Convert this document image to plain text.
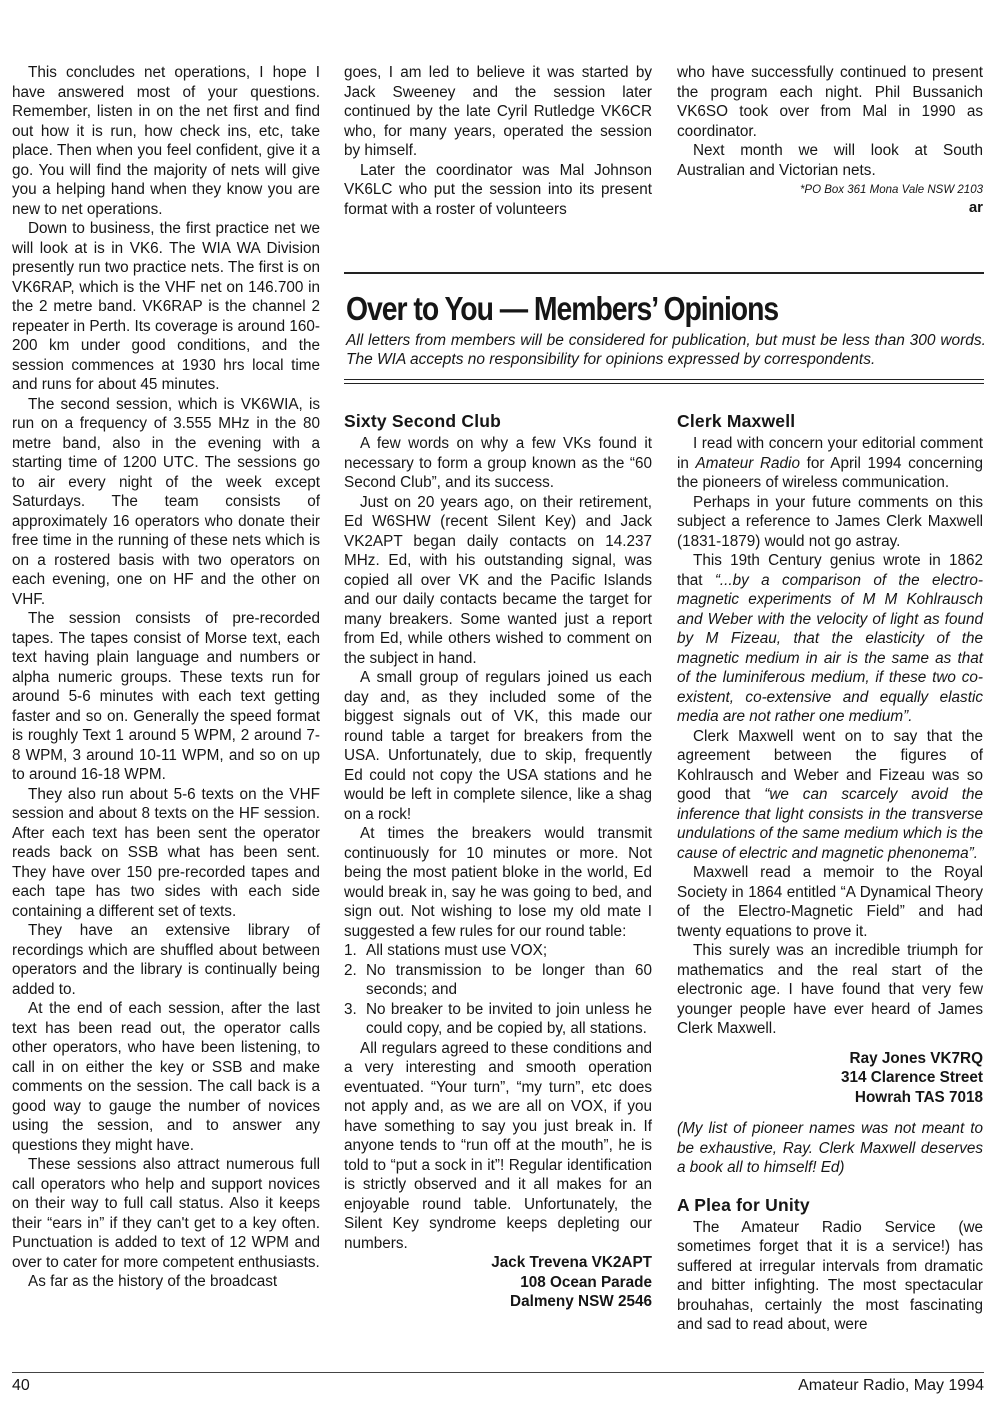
This concludes net operations, I hope I have answered most of your questions. Remember, listen in on the net first and find out how it is run, how check ins, etc, take place. Then when you feel confident, give it a go. You will find the majority of nets will give you a helping hand when they know you are new to net operations.

Down to business, the first practice net we will look at is in VK6. The WIA WA Division presently run two practice nets. The first is on VK6RAP, which is the VHF net on 146.700 in the 2 metre band. VK6RAP is the channel 2 repeater in Perth. Its coverage is around 160-200 km under good conditions, and the session commences at 1930 hrs local time and runs for about 45 minutes.

The second session, which is VK6WIA, is run on a frequency of 3.555 MHz in the 80 metre band, also in the evening with a starting time of 1200 UTC. The sessions go to air every night of the week except Saturdays. The team consists of approximately 16 operators who donate their free time in the running of these nets which is on a rostered basis with two operators on each evening, one on HF and the other on VHF.

The session consists of pre-recorded tapes. The tapes consist of Morse text, each text having plain language and numbers or alpha numeric groups. These texts run for around 5-6 minutes with each text getting faster and so on. Generally the speed format is roughly Text 1 around 5 WPM, 2 around 7-8 WPM, 3 around 10-11 WPM, and so on up to around 16-18 WPM.

They also run about 5-6 texts on the VHF session and about 8 texts on the HF session. After each text has been sent the operator reads back on SSB what has been sent. They have over 150 pre-recorded tapes and each tape has two sides with each side containing a different set of texts.

They have an extensive library of recordings which are shuffled about between operators and the library is continually being added to.

At the end of each session, after the last text has been read out, the operator calls other operators, who have been listening, to call in on either the key or SSB and make comments on the session. The call back is a good way to gauge the number of novices using the session, and to answer any questions they might have.

These sessions also attract numerous full call operators who help and support novices on their way to full call status. Also it keeps their “ears in” if they can't get to a key often. Punctuation is added to text of 12 WPM and over to cater for more competent enthusiasts.

As far as the history of the broadcast

goes, I am led to believe it was started by Jack Sweeney and the session later continued by the late Cyril Rutledge VK6CR who, for many years, operated the session by himself.

Later the coordinator was Mal Johnson VK6LC who put the session into its present format with a roster of volunteers

who have successfully continued to present the program each night. Phil Bussanich VK6SO took over from Mal in 1990 as coordinator.

Next month we will look at South Australian and Victorian nets.

*PO Box 361 Mona Vale NSW 2103
ar
Over to You — Members’ Opinions
All letters from members will be considered for publication, but must be less than 300 words. The WIA accepts no responsibility for opinions expressed by correspondents.
Sixty Second Club

A few words on why a few VKs found it necessary to form a group known as the “60 Second Club”, and its success.

Just on 20 years ago, on their retirement, Ed W6SHW (recent Silent Key) and Jack VK2APT began daily contacts on 14.237 MHz. Ed, with his outstanding signal, was copied all over VK and the Pacific Islands and our daily contacts became the target for many breakers. Some wanted just a report from Ed, while others wished to comment on the subject in hand.

A small group of regulars joined us each day and, as they included some of the biggest signals out of VK, this made our round table a target for breakers from the USA. Unfortunately, due to skip, frequently Ed could not copy the USA stations and he would be left in complete silence, like a shag on a rock!

At times the breakers would transmit continuously for 10 minutes or more. Not being the most patient bloke in the world, Ed would break in, say he was going to bed, and sign out. Not wishing to lose my old mate I suggested a few rules for our round table:

1. All stations must use VOX;
2. No transmission to be longer than 60 seconds; and
3. No breaker to be invited to join unless he could copy, and be copied by, all stations.

All regulars agreed to these conditions and a very interesting and smooth operation eventuated. “Your turn”, “my turn”, etc does not apply and, as we are all on VOX, if you have something to say you just break in. If anyone tends to “run off at the mouth”, he is told to “put a sock in it”! Regular identification is strictly observed and it all makes for an enjoyable round table. Unfortunately, the Silent Key syndrome keeps depleting our numbers.

Jack Trevena VK2APT
108 Ocean Parade
Dalmeny NSW 2546
Clerk Maxwell

I read with concern your editorial comment in Amateur Radio for April 1994 concerning the pioneers of wireless communication.

Perhaps in your future comments on this subject a reference to James Clerk Maxwell (1831-1879) would not go astray.

This 19th Century genius wrote in 1862 that “...by a comparison of the electro-magnetic experiments of M M Kohlrausch and Weber with the velocity of light as found by M Fizeau, that the elasticity of the magnetic medium in air is the same as that of the luminiferous medium, if these two co-existent, co-extensive and equally elastic media are not rather one medium”.

Clerk Maxwell went on to say that the agreement between the figures of Kohlrausch and Weber and Fizeau was so good that “we can scarcely avoid the inference that light consists in the transverse undulations of the same medium which is the cause of electric and magnetic phenonema”.

Maxwell read a memoir to the Royal Society in 1864 entitled “A Dynamical Theory of the Electro-Magnetic Field” and had twenty equations to prove it.

This surely was an incredible triumph for mathematics and the real start of the electronic age. I have found that very few younger people have ever heard of James Clerk Maxwell.

Ray Jones VK7RQ
314 Clarence Street
Howrah TAS 7018

(My list of pioneer names was not meant to be exhaustive, Ray. Clerk Maxwell deserves a book all to himself! Ed)

A Plea for Unity

The Amateur Radio Service (we sometimes forget that it is a service!) has suffered at irregular intervals from dramatic and bitter infighting. The most spectacular brouhahas, certainly the most fascinating and sad to read about, were

40	Amateur Radio, May 1994
